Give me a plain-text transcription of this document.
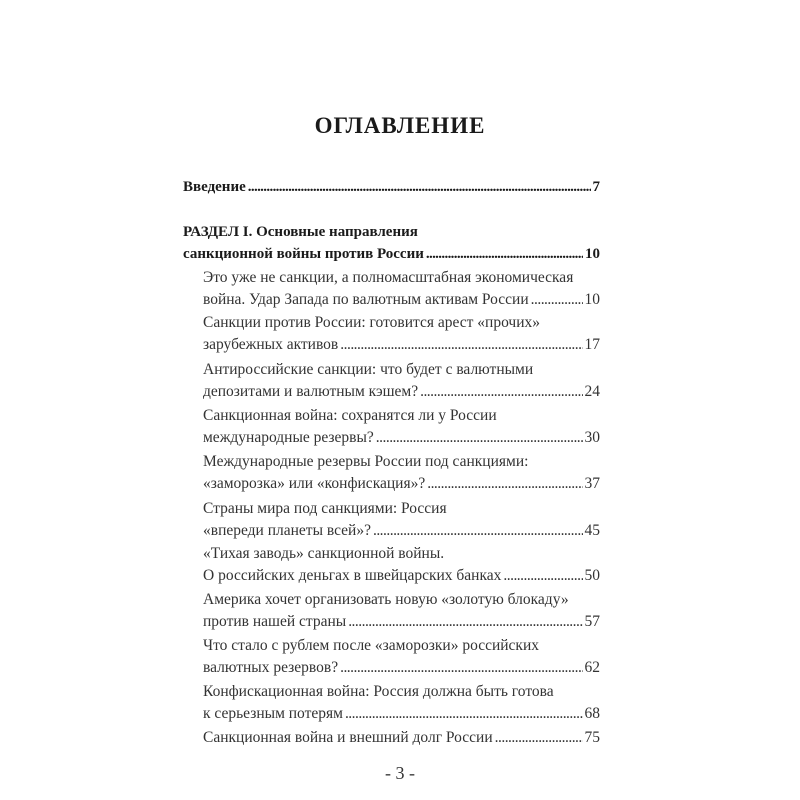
ОГЛАВЛЕНИЕ
Введение . . .	7
РАЗДЕЛ I. Основные направления
санкционной войны против России . . .	10
Это уже не санкции, а полномасштабная экономическая
война. Удар Запада по валютным активам России . . .	10
Санкции против России: готовится арест «прочих»
зарубежных активов . . .	17
Антироссийские санкции: что будет с валютными
депозитами и валютным кэшем? . . .	24
Санкционная война: сохранятся ли у России
международные резервы? . . .	30
Международные резервы России под санкциями:
«заморозка» или «конфискация»? . . .	37
Страны мира под санкциями: Россия
«впереди планеты всей»? . . .	45
«Тихая заводь» санкционной войны.
О российских деньгах в швейцарских банках . . .	50
Америка хочет организовать новую «золотую блокаду»
против нашей страны . . .	57
Что стало с рублем после «заморозки» российских
валютных резервов? . . .	62
Конфискационная война: Россия должна быть готова
к серьезным потерям . . .	68
Санкционная война и внешний долг России . . .	75
- 3 -
